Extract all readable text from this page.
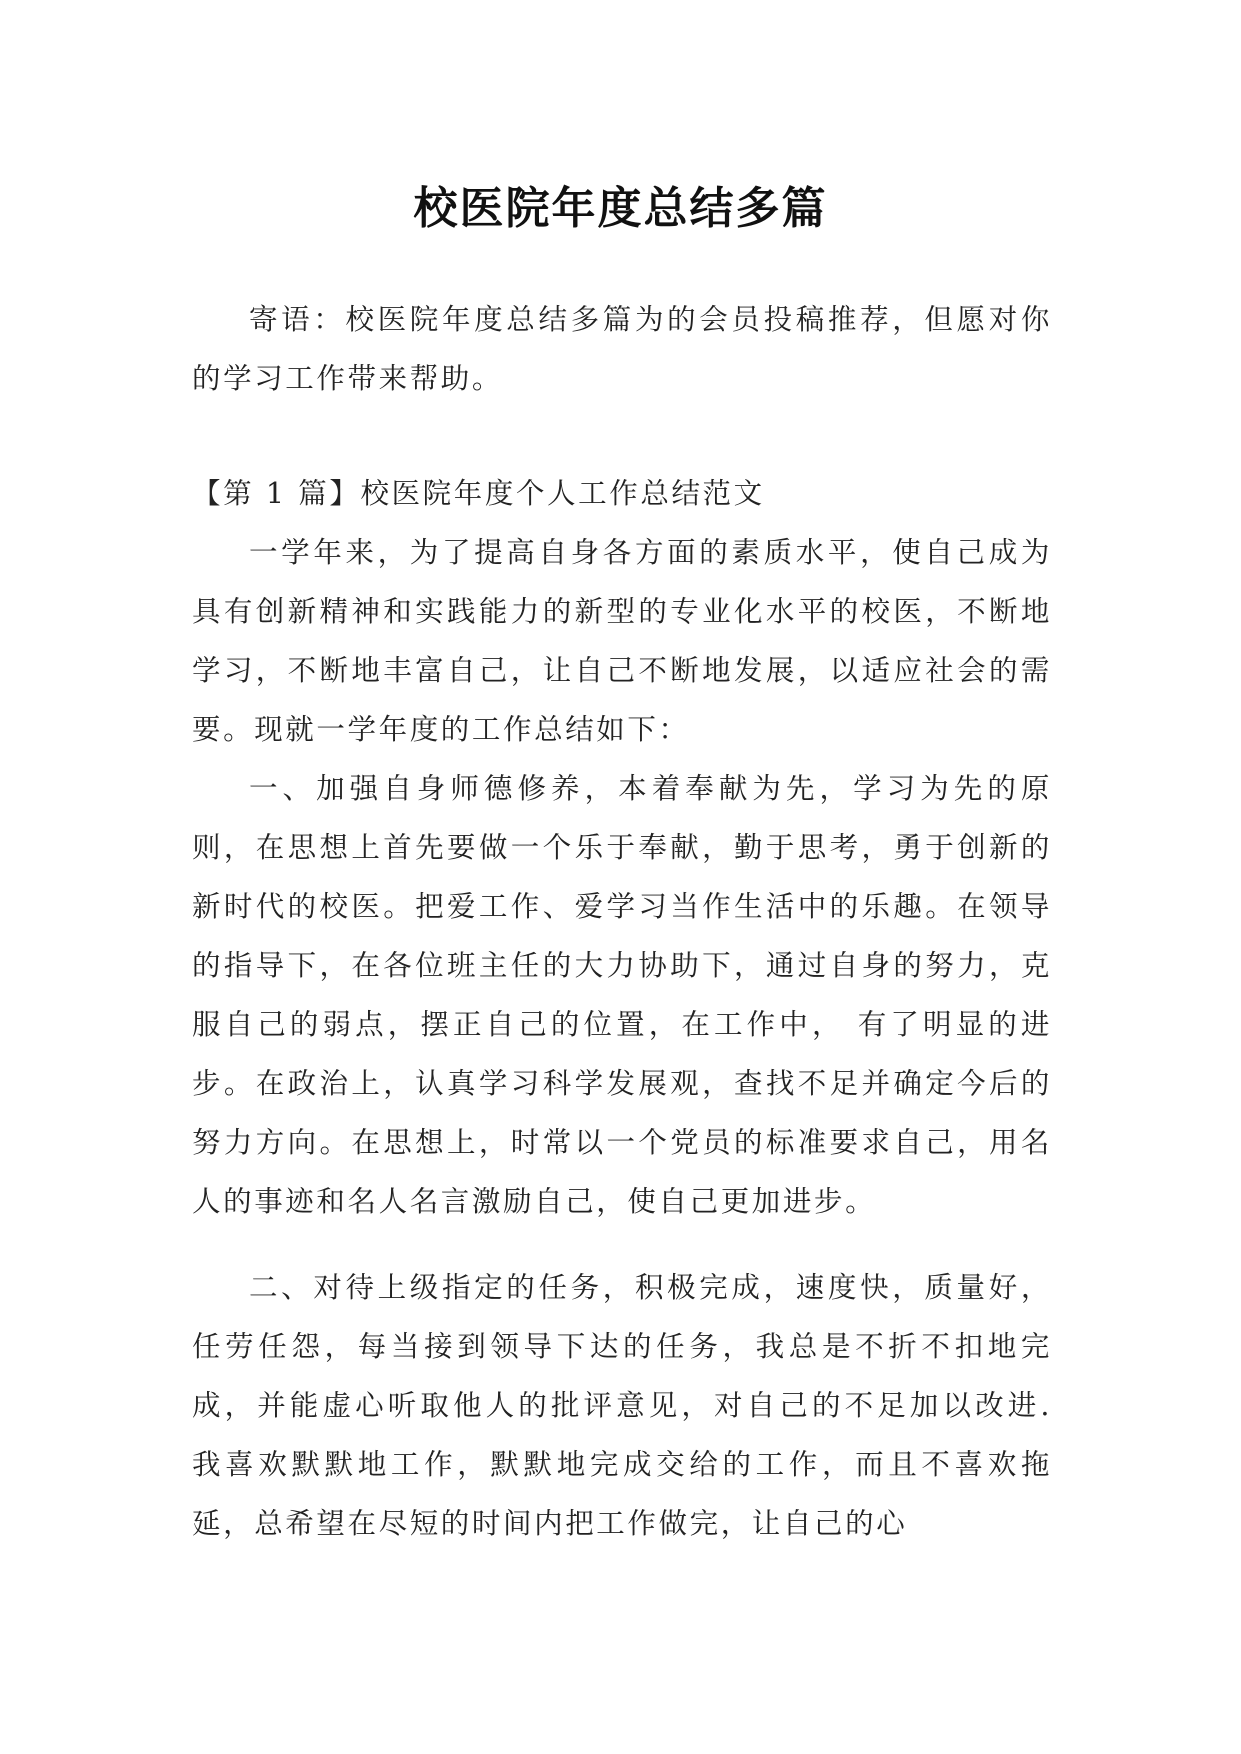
校医院年度总结多篇

寄语：校医院年度总结多篇为的会员投稿推荐，但愿对你的学习工作带来帮助。

【第 1 篇】校医院年度个人工作总结范文

一学年来，为了提高自身各方面的素质水平，使自己成为具有创新精神和实践能力的新型的专业化水平的校医，不断地学习，不断地丰富自己，让自己不断地发展，以适应社会的需要。现就一学年度的工作总结如下：

一、加强自身师德修养，本着奉献为先，学习为先的原则，在思想上首先要做一个乐于奉献，勤于思考，勇于创新的新时代的校医。把爱工作、爱学习当作生活中的乐趣。在领导的指导下，在各位班主任的大力协助下，通过自身的努力，克服自己的弱点，摆正自己的位置，在工作中， 有了明显的进步。在政治上，认真学习科学发展观，查找不足并确定今后的努力方向。在思想上，时常以一个党员的标准要求自己，用名人的事迹和名人名言激励自己，使自己更加进步。

二、对待上级指定的任务，积极完成，速度快，质量好，任劳任怨，每当接到领导下达的任务，我总是不折不扣地完成，并能虚心听取他人的批评意见，对自己的不足加以改进. 我喜欢默默地工作，默默地完成交给的工作，而且不喜欢拖延，总希望在尽短的时间内把工作做完，让自己的心
